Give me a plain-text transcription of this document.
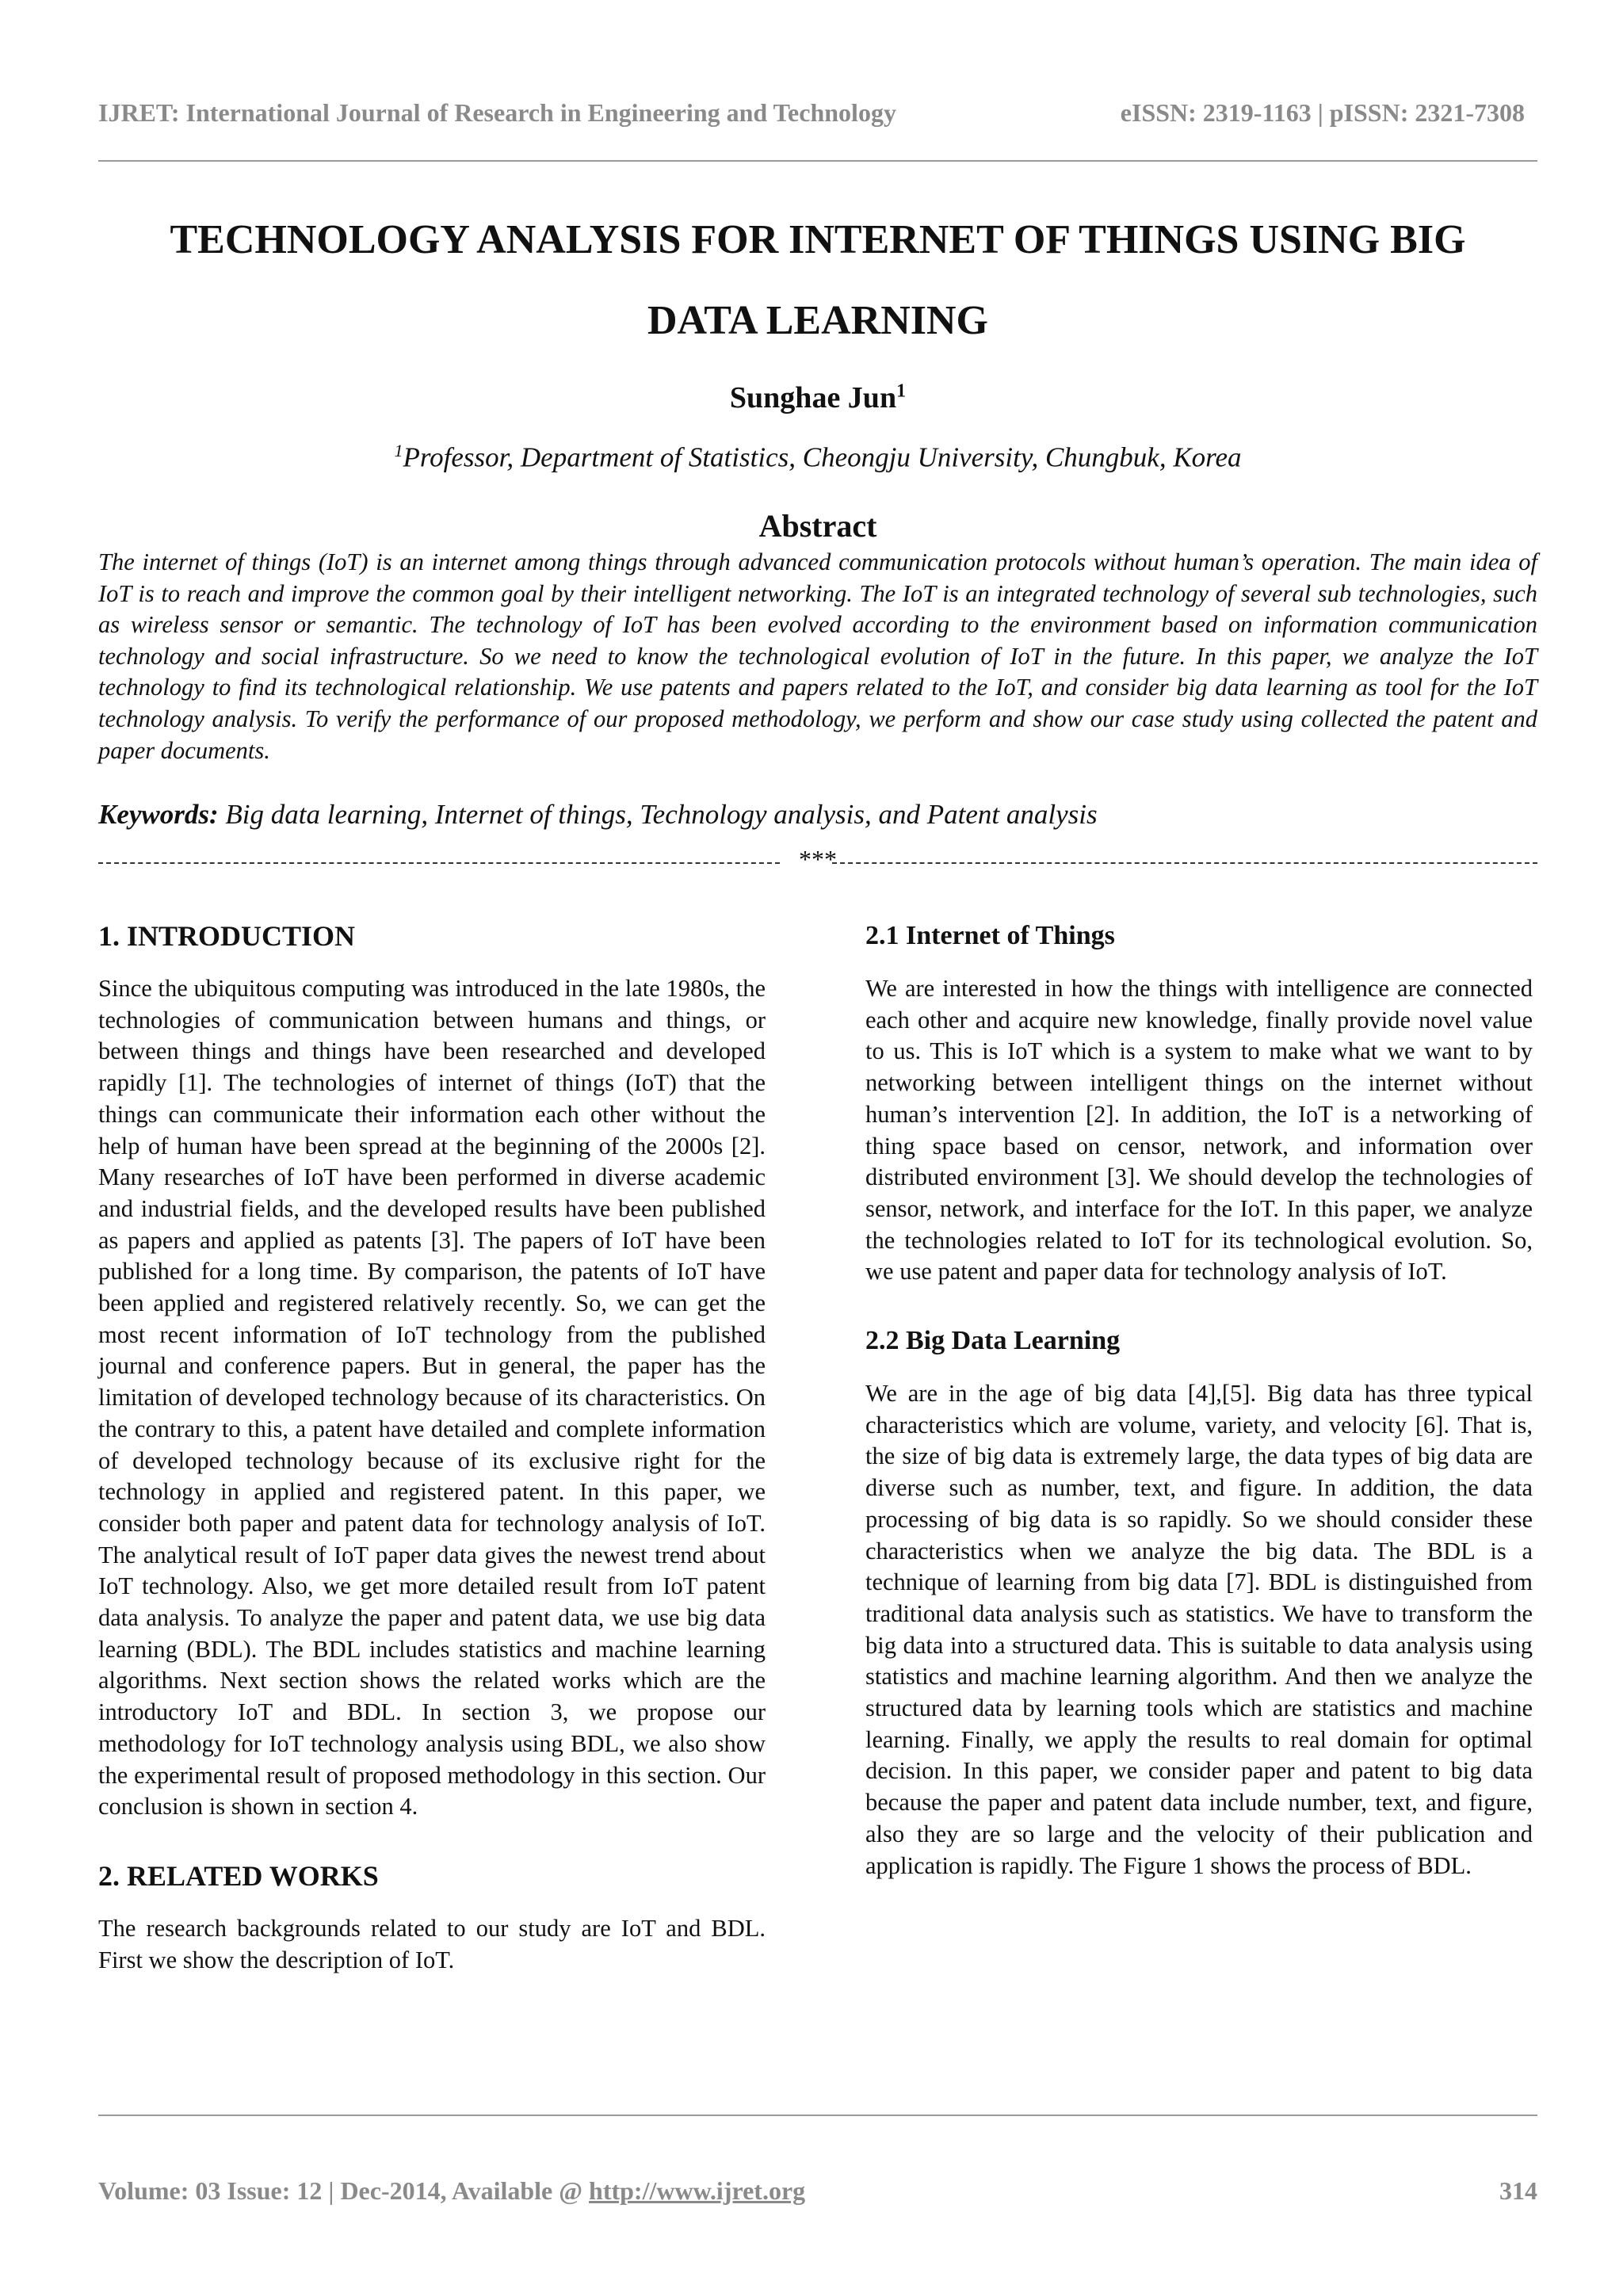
IJRET: International Journal of Research in Engineering and Technology	eISSN: 2319-1163 | pISSN: 2321-7308
TECHNOLOGY ANALYSIS FOR INTERNET OF THINGS USING BIG
DATA LEARNING
Sunghae Jun$^1$
$^1$Professor, Department of Statistics, Cheongju University, Chungbuk, Korea
Abstract

The internet of things (IoT) is an internet among things through advanced communication protocols without human’s operation. The main idea of IoT is to reach and improve the common goal by their intelligent networking. The IoT is an integrated technology of several sub technologies, such as wireless sensor or semantic. The technology of IoT has been evolved according to the environment based on information communication technology and social infrastructure. So we need to know the technological evolution of IoT in the future. In this paper, we analyze the IoT technology to find its technological relationship. We use patents and papers related to the IoT, and consider big data learning as tool for the IoT technology analysis. To verify the performance of our proposed methodology, we perform and show our case study using collected the patent and paper documents.

Keywords: Big data learning, Internet of things, Technology analysis, and Patent analysis
***
1. INTRODUCTION

Since the ubiquitous computing was introduced in the late 1980s, the technologies of communication between humans and things, or between things and things have been researched and developed rapidly [1]. The technologies of internet of things (IoT) that the things can communicate their information each other without the help of human have been spread at the beginning of the 2000s [2]. Many researches of IoT have been performed in diverse academic and industrial fields, and the developed results have been published as papers and applied as patents [3]. The papers of IoT have been published for a long time. By comparison, the patents of IoT have been applied and registered relatively recently. So, we can get the most recent information of IoT technology from the published journal and conference papers. But in general, the paper has the limitation of developed technology because of its characteristics. On the contrary to this, a patent have detailed and complete information of developed technology because of its exclusive right for the technology in applied and registered patent. In this paper, we consider both paper and patent data for technology analysis of IoT. The analytical result of IoT paper data gives the newest trend about IoT technology. Also, we get more detailed result from IoT patent data analysis. To analyze the paper and patent data, we use big data learning (BDL). The BDL includes statistics and machine learning algorithms. Next section shows the related works which are the introductory IoT and BDL. In section 3, we propose our methodology for IoT technology analysis using BDL, we also show the experimental result of proposed methodology in this section. Our conclusion is shown in section 4.

2. RELATED WORKS

The research backgrounds related to our study are IoT and BDL. First we show the description of IoT.

2.1 Internet of Things

We are interested in how the things with intelligence are connected each other and acquire new knowledge, finally provide novel value to us. This is IoT which is a system to make what we want to by networking between intelligent things on the internet without human’s intervention [2]. In addition, the IoT is a networking of thing space based on censor, network, and information over distributed environment [3]. We should develop the technologies of sensor, network, and interface for the IoT. In this paper, we analyze the technologies related to IoT for its technological evolution. So, we use patent and paper data for technology analysis of IoT.

2.2 Big Data Learning

We are in the age of big data [4],[5]. Big data has three typical characteristics which are volume, variety, and velocity [6]. That is, the size of big data is extremely large, the data types of big data are diverse such as number, text, and figure. In addition, the data processing of big data is so rapidly. So we should consider these characteristics when we analyze the big data. The BDL is a technique of learning from big data [7]. BDL is distinguished from traditional data analysis such as statistics. We have to transform the big data into a structured data. This is suitable to data analysis using statistics and machine learning algorithm. And then we analyze the structured data by learning tools which are statistics and machine learning. Finally, we apply the results to real domain for optimal decision. In this paper, we consider paper and patent to big data because the paper and patent data include number, text, and figure, also they are so large and the velocity of their publication and application is rapidly. The Figure 1 shows the process of BDL.

Volume: 03 Issue: 12 | Dec-2014, Available @ http://www.ijret.org	314
